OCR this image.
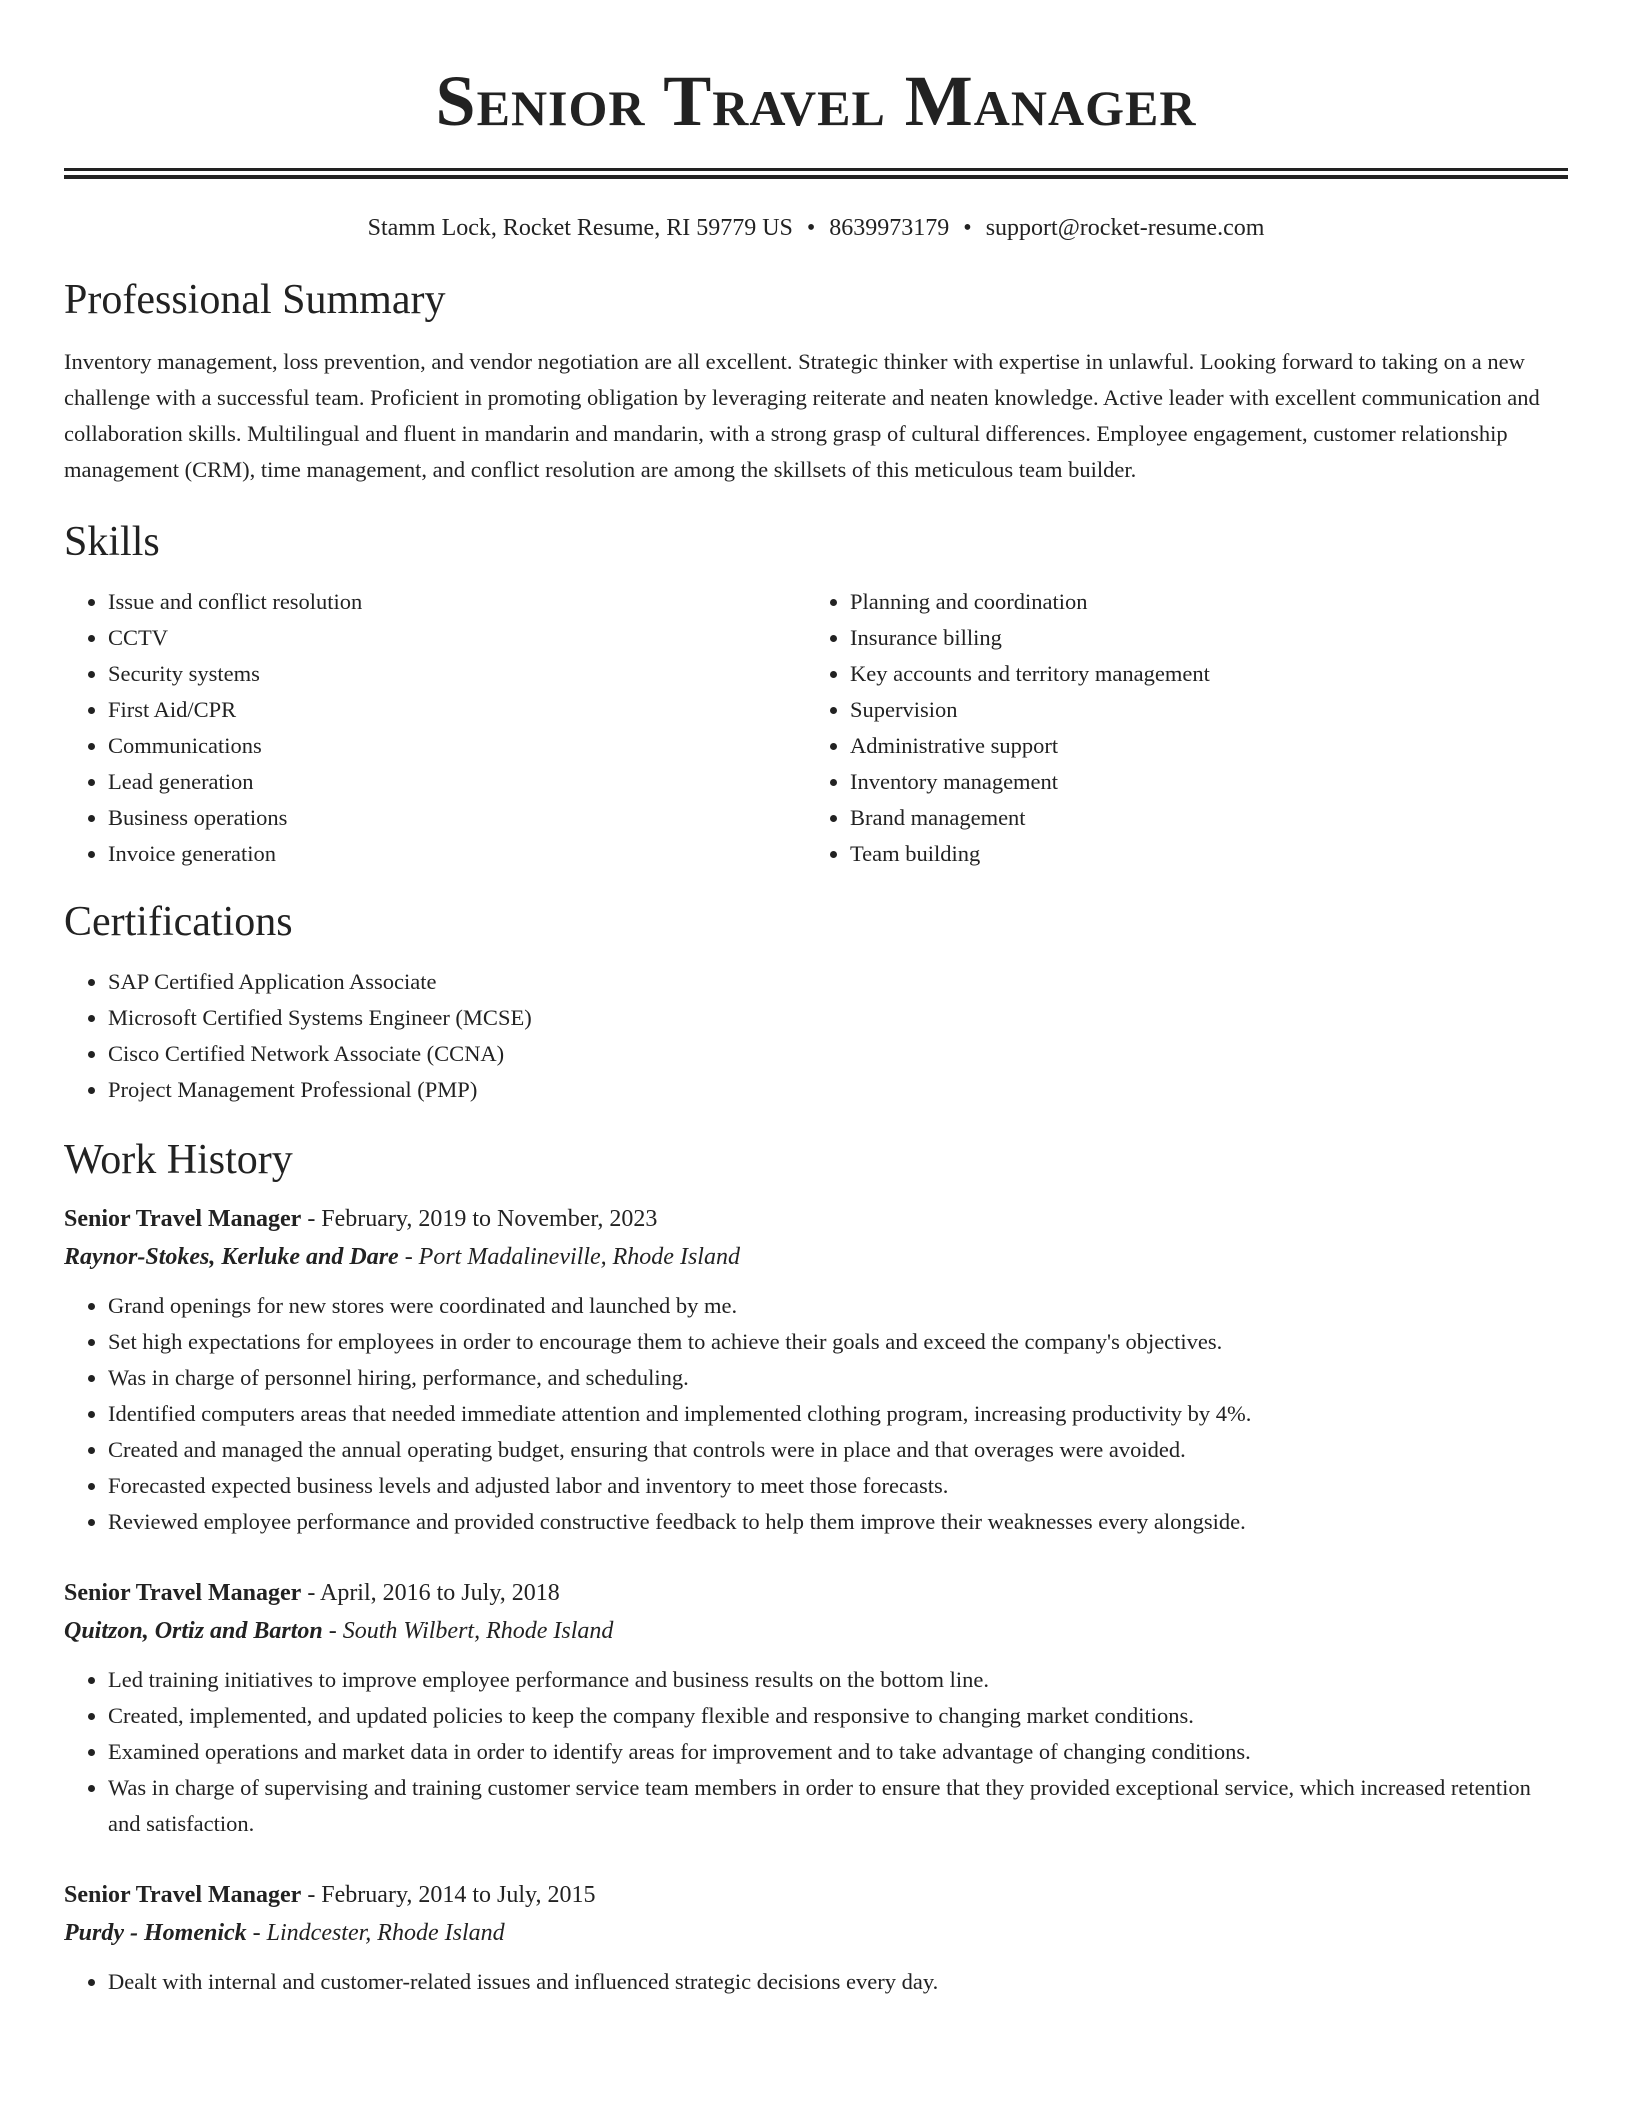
Senior Travel Manager
Stamm Lock, Rocket Resume, RI 59779 US • 8639973179 • support@rocket-resume.com
Professional Summary

Inventory management, loss prevention, and vendor negotiation are all excellent. Strategic thinker with expertise in unlawful. Looking forward to taking on a new challenge with a successful team. Proficient in promoting obligation by leveraging reiterate and neaten knowledge. Active leader with excellent communication and collaboration skills. Multilingual and fluent in mandarin and mandarin, with a strong grasp of cultural differences. Employee engagement, customer relationship management (CRM), time management, and conflict resolution are among the skillsets of this meticulous team builder.

Skills
• Issue and conflict resolution
• CCTV
• Security systems
• First Aid/CPR
• Communications
• Lead generation
• Business operations
• Invoice generation
• Planning and coordination
• Insurance billing
• Key accounts and territory management
• Supervision
• Administrative support
• Inventory management
• Brand management
• Team building
Certifications
• SAP Certified Application Associate
• Microsoft Certified Systems Engineer (MCSE)
• Cisco Certified Network Associate (CCNA)
• Project Management Professional (PMP)
Work History
Senior Travel Manager - February, 2019 to November, 2023
Raynor-Stokes, Kerluke and Dare - Port Madalineville, Rhode Island
• Grand openings for new stores were coordinated and launched by me.
• Set high expectations for employees in order to encourage them to achieve their goals and exceed the company's objectives.
• Was in charge of personnel hiring, performance, and scheduling.
• Identified computers areas that needed immediate attention and implemented clothing program, increasing productivity by 4%.
• Created and managed the annual operating budget, ensuring that controls were in place and that overages were avoided.
• Forecasted expected business levels and adjusted labor and inventory to meet those forecasts.
• Reviewed employee performance and provided constructive feedback to help them improve their weaknesses every alongside.
Senior Travel Manager - April, 2016 to July, 2018
Quitzon, Ortiz and Barton - South Wilbert, Rhode Island
• Led training initiatives to improve employee performance and business results on the bottom line.
• Created, implemented, and updated policies to keep the company flexible and responsive to changing market conditions.
• Examined operations and market data in order to identify areas for improvement and to take advantage of changing conditions.
• Was in charge of supervising and training customer service team members in order to ensure that they provided exceptional service, which increased retention and satisfaction.
Senior Travel Manager - February, 2014 to July, 2015
Purdy - Homenick - Lindcester, Rhode Island
• Dealt with internal and customer-related issues and influenced strategic decisions every day.
